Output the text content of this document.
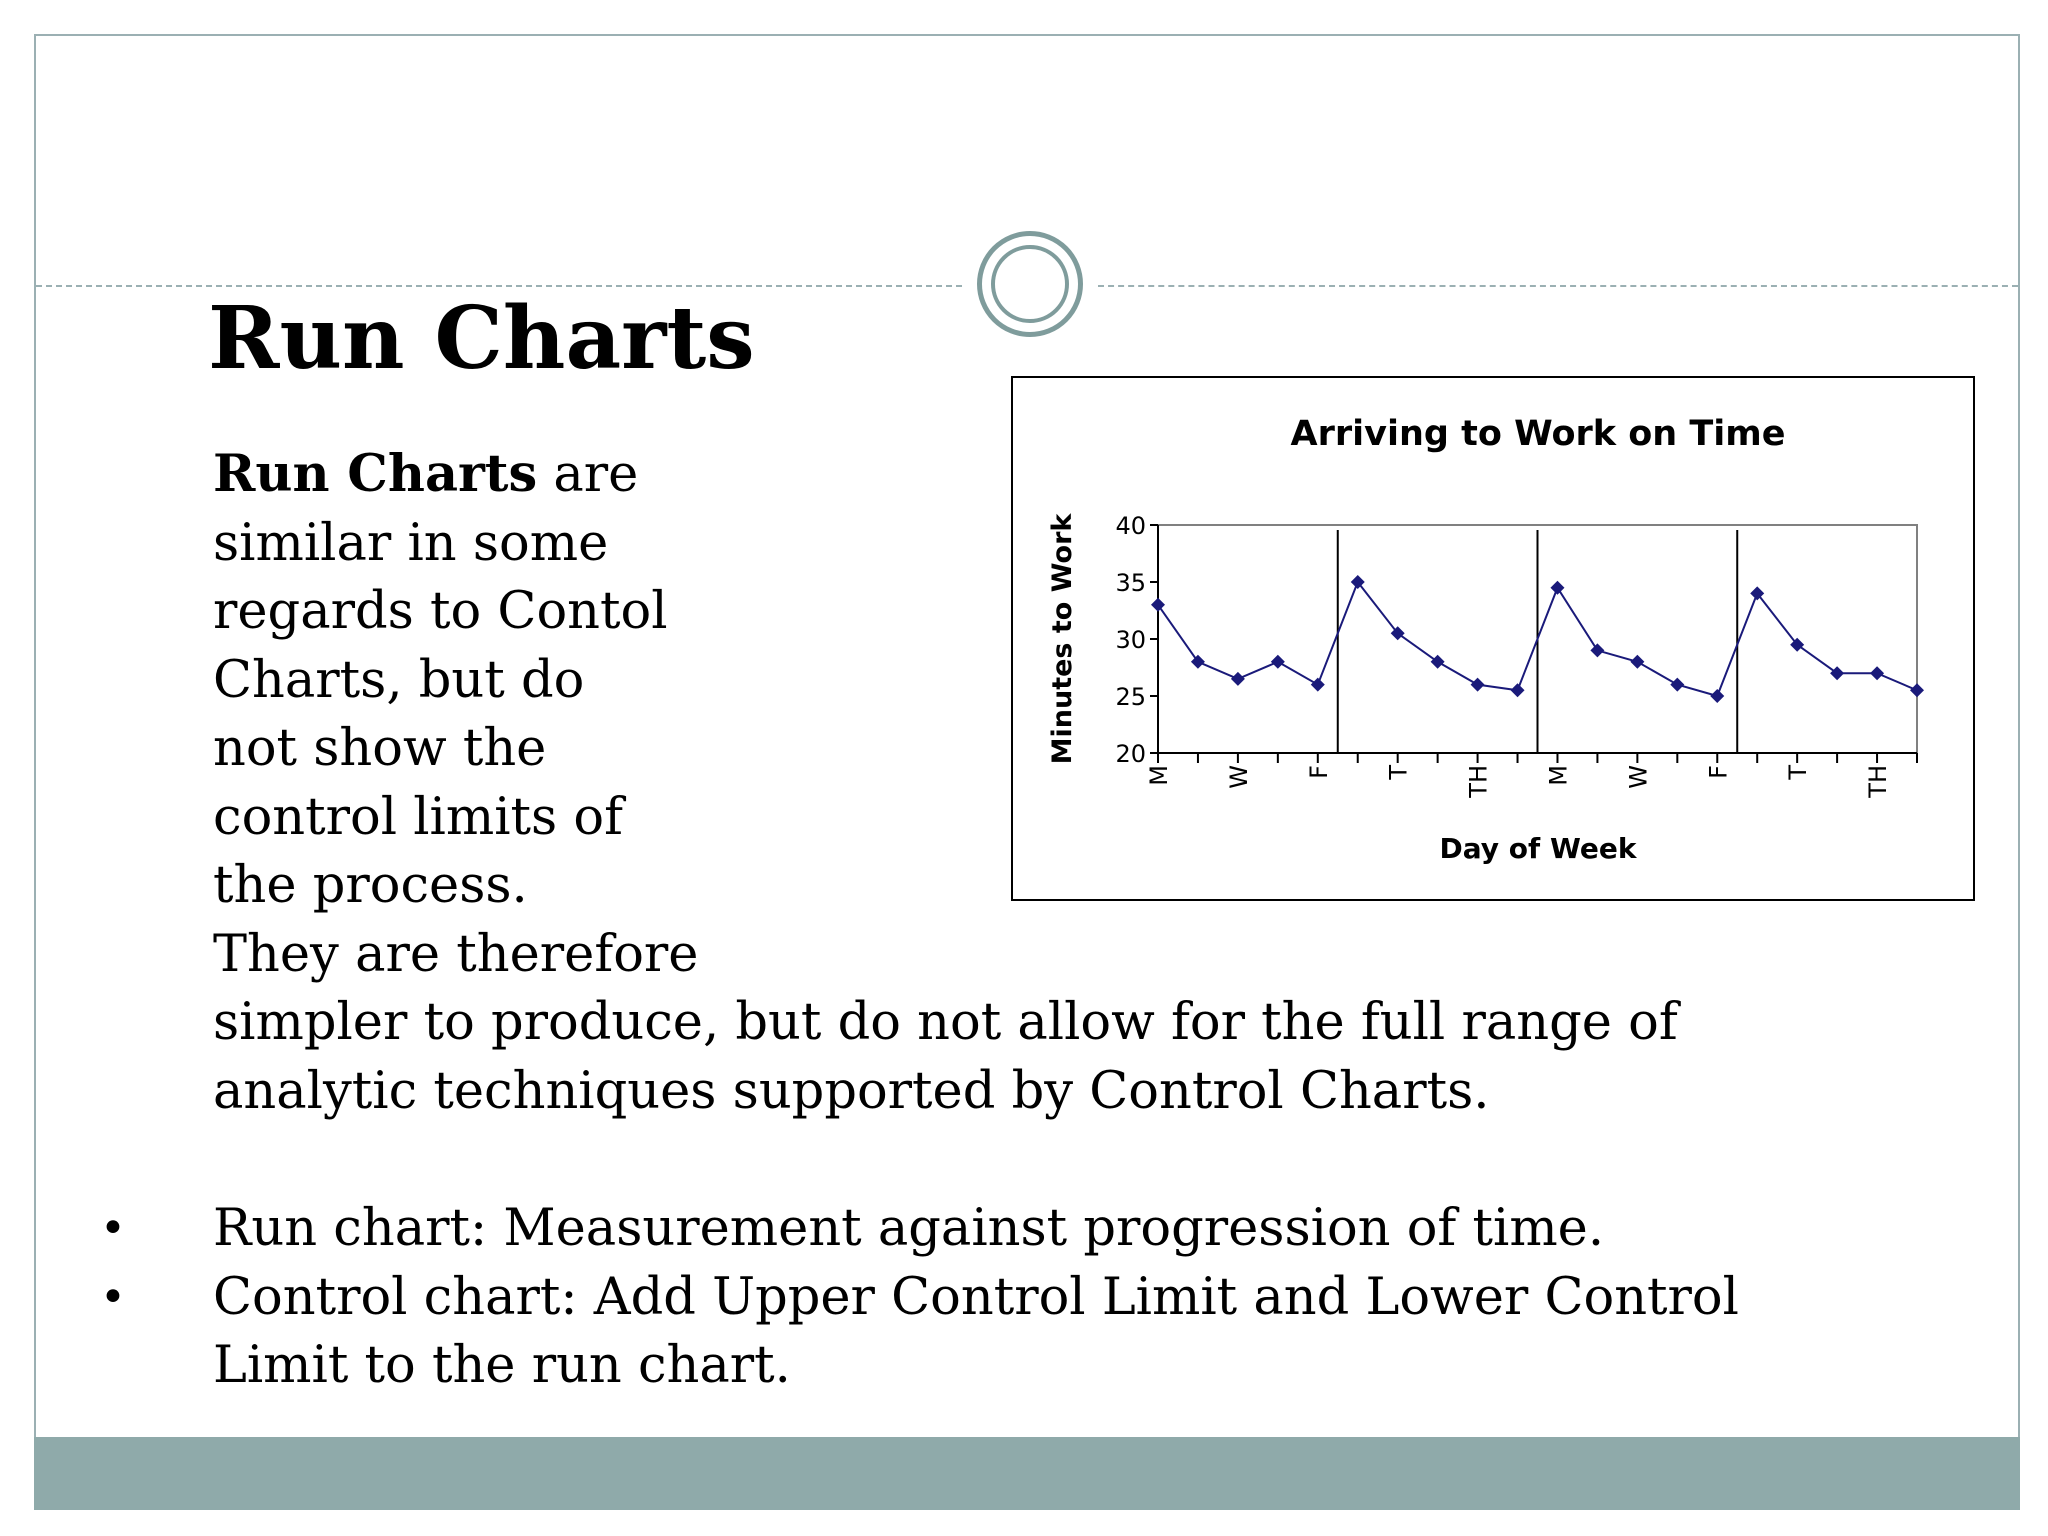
Run Charts
Run Charts are
similar in some
regards to Contol
Charts, but do
not show the
control limits of
the process.
They are therefore
simpler to produce, but do not allow for the full range of
analytic techniques supported by Control Charts.
• Run chart: Measurement against progression of time.
• Control chart: Add Upper Control Limit and Lower Control
Limit to the run chart.
Arriving to Work on Time
Day of Week
Minutes to Work 20
25
30
35
40
M W F T TH M W F T TH
